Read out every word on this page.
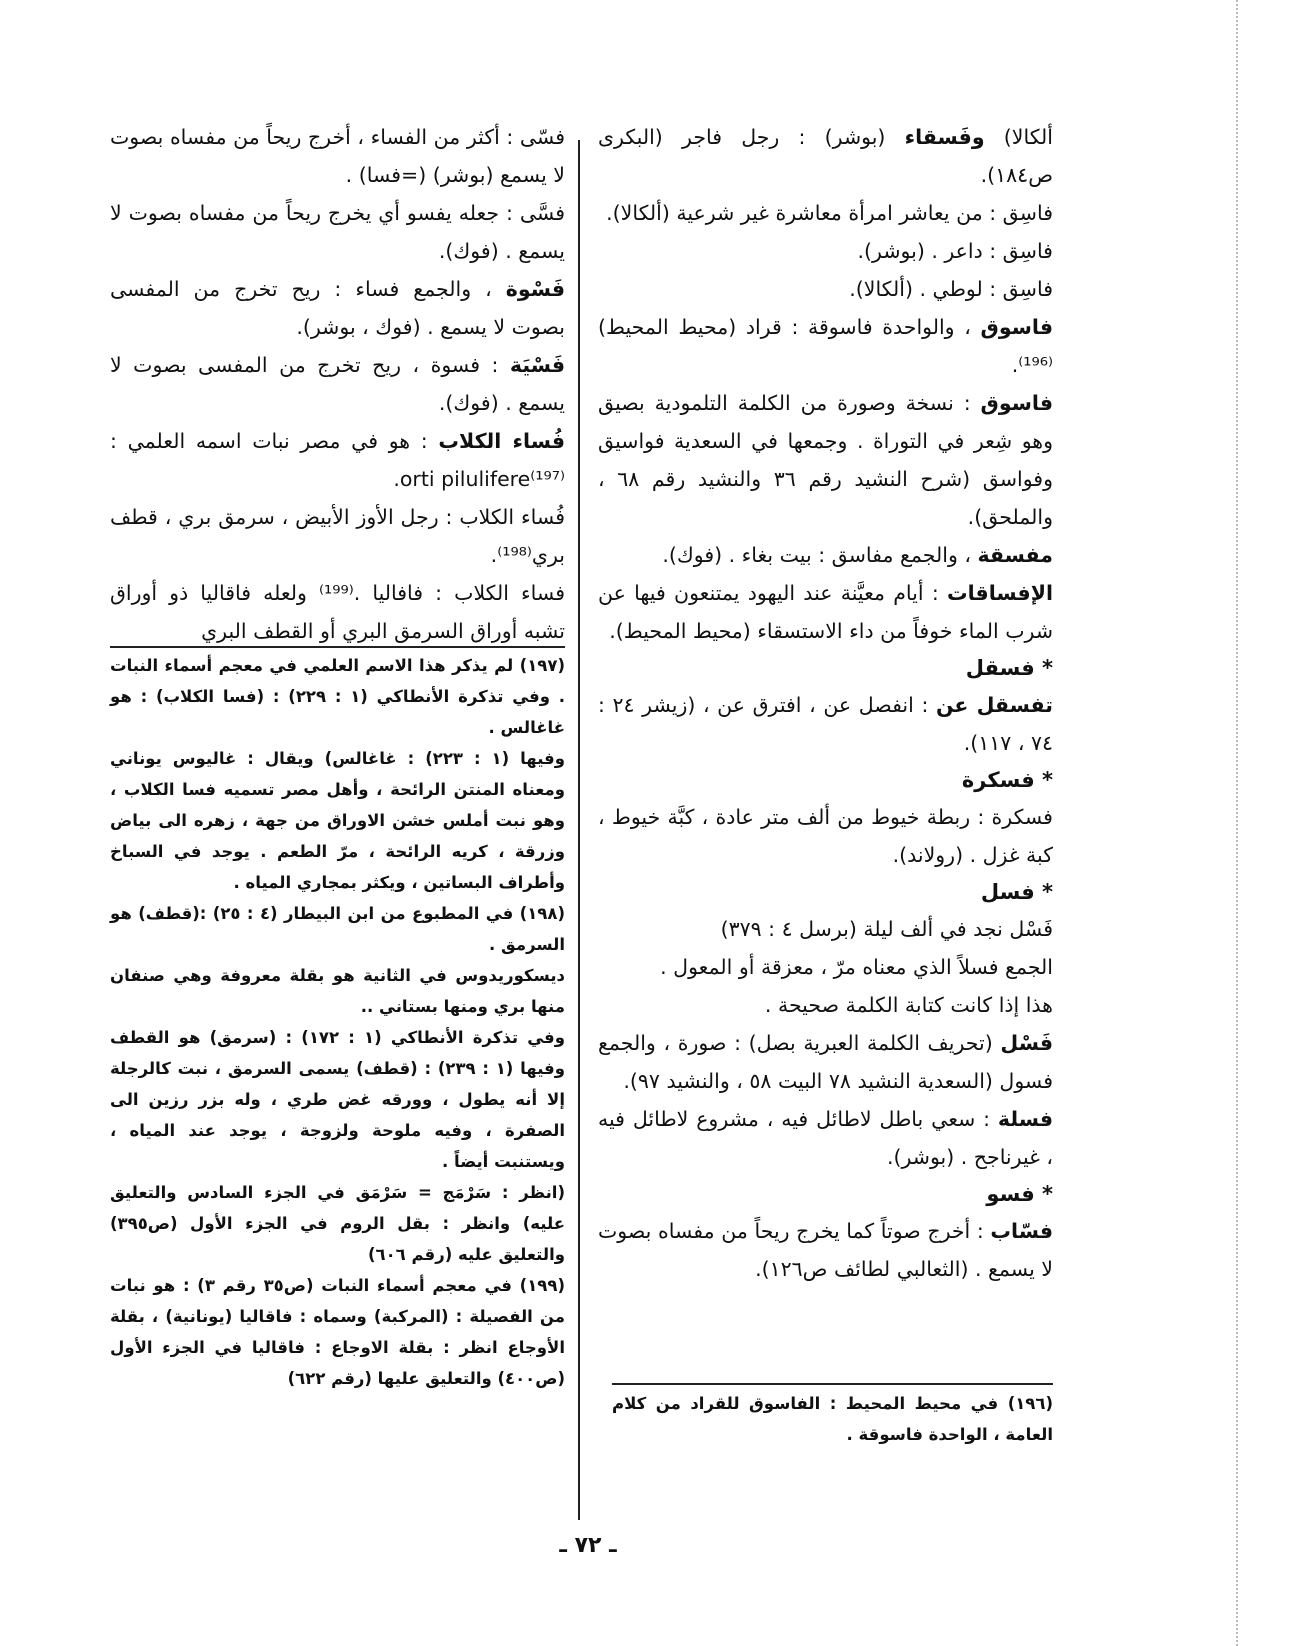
ألكالا) وفَسقاء (بوشر) : رجل فاجر (البكرى ص١٨٤).

فاسِق : من يعاشر امرأة معاشرة غير شرعية (ألكالا).

فاسِق : داعر . (بوشر).

فاسِق : لوطي . (ألكالا).

فاسوق ، والواحدة فاسوقة : قراد (محيط المحيط)⁽¹⁹⁶⁾.

فاسوق : نسخة وصورة من الكلمة التلمودية بصيق وهو شِعر في التوراة . وجمعها في السعدية فواسيق وفواسق (شرح النشيد رقم ٣٦ والنشيد رقم ٦٨ ، والملحق).

مفسقة ، والجمع مفاسق : بيت بغاء . (فوك).

الإفساقات : أيام معيَّنة عند اليهود يمتنعون فيها عن شرب الماء خوفاً من داء الاستسقاء (محيط المحيط).

* فسقل

تفسقل عن : انفصل عن ، افترق عن ، (زيشر ٢٤ : ٧٤ ، ١١٧).

* فسكرة

فسكرة : ربطة خيوط من ألف متر عادة ، كبَّة خيوط ، كبة غزل . (رولاند).

* فسل

فَسْل نجد في ألف ليلة (برسل ٤ : ٣٧٩)

الجمع فسلاً الذي معناه مرّ ، معزقة أو المعول .

هذا إذا كانت كتابة الكلمة صحيحة .

فَسْل (تحريف الكلمة العبرية بصل) : صورة ، والجمع فسول (السعدية النشيد ٧٨ البيت ٥٨ ، والنشيد ٩٧).

فسلة : سعي باطل لاطائل فيه ، مشروع لاطائل فيه ، غيرناجح . (بوشر).

* فسو

فسّاب : أخرج صوتاً كما يخرج ريحاً من مفساه بصوت لا يسمع . (الثعالبي لطائف ص١٢٦).

(١٩٦) في محيط المحيط : الفاسوق للقراد من كلام العامة ، الواحدة فاسوقة .

فسّى : أكثر من الفساء ، أخرج ريحاً من مفساه بصوت لا يسمع (بوشر) (=فسا) .

فسَّى : جعله يفسو أي يخرج ريحاً من مفساه بصوت لا يسمع . (فوك).

فَسْوة ، والجمع فساء : ريح تخرج من المفسى بصوت لا يسمع . (فوك ، بوشر).

فَسْيَة : فسوة ، ريح تخرج من المفسى بصوت لا يسمع . (فوك).

فُساء الكلاب : هو في مصر نبات اسمه العلمي : orti pilulifere⁽¹⁹⁷⁾.

فُساء الكلاب : رجل الأوز الأبيض ، سرمق بري ، قطف بري⁽¹⁹⁸⁾.

فساء الكلاب : فافاليا .⁽¹⁹⁹⁾ ولعله فاقاليا ذو أوراق تشبه أوراق السرمق البري أو القطف البري

(١٩٧) لم يذكر هذا الاسم العلمي في معجم أسماء النبات . وفي تذكرة الأنطاكي (١ : ٢٢٩) : (فسا الكلاب) : هو غاغالس .

وفيها (١ : ٢٢٣) : غاغالس) ويقال : غاليوس يوناني ومعناه المنتن الرائحة ، وأهل مصر تسميه فسا الكلاب ، وهو نبت أملس خشن الاوراق من جهة ، زهره الى بياض وزرقة ، كريه الرائحة ، مرّ الطعم . يوجد في السباخ وأطراف البساتين ، ويكثر بمجاري المياه .

(١٩٨) في المطبوع من ابن البيطار (٤ : ٢٥) :(قطف) هو السرمق .

ديسكوريدوس في الثانية هو بقلة معروفة وهي صنفان منها بري ومنها بستاني ..

وفي تذكرة الأنطاكي (١ : ١٧٢) : (سرمق) هو القطف وفيها (١ : ٢٣٩) : (قطف) يسمى السرمق ، نبت كالرجلة إلا أنه يطول ، وورقه غض طري ، وله بزر رزين الى الصفرة ، وفيه ملوحة ولزوجة ، يوجد عند المياه ، ويستنبت أيضاً .

(انظر : سَرْمَج = سَرْمَق في الجزء السادس والتعليق عليه) وانظر : بقل الروم في الجزء الأول (ص٣٩٥) والتعليق عليه (رقم ٦٠٦)

(١٩٩) في معجم أسماء النبات (ص٣٥ رقم ٣) : هو نبات من الفصيلة : (المركبة) وسماه : فاقاليا (يونانية) ، بقلة الأوجاع انظر : بقلة الاوجاع : فاقاليا في الجزء الأول (ص٤٠٠) والتعليق عليها (رقم ٦٢٢)

ـ ٧٢ ـ
